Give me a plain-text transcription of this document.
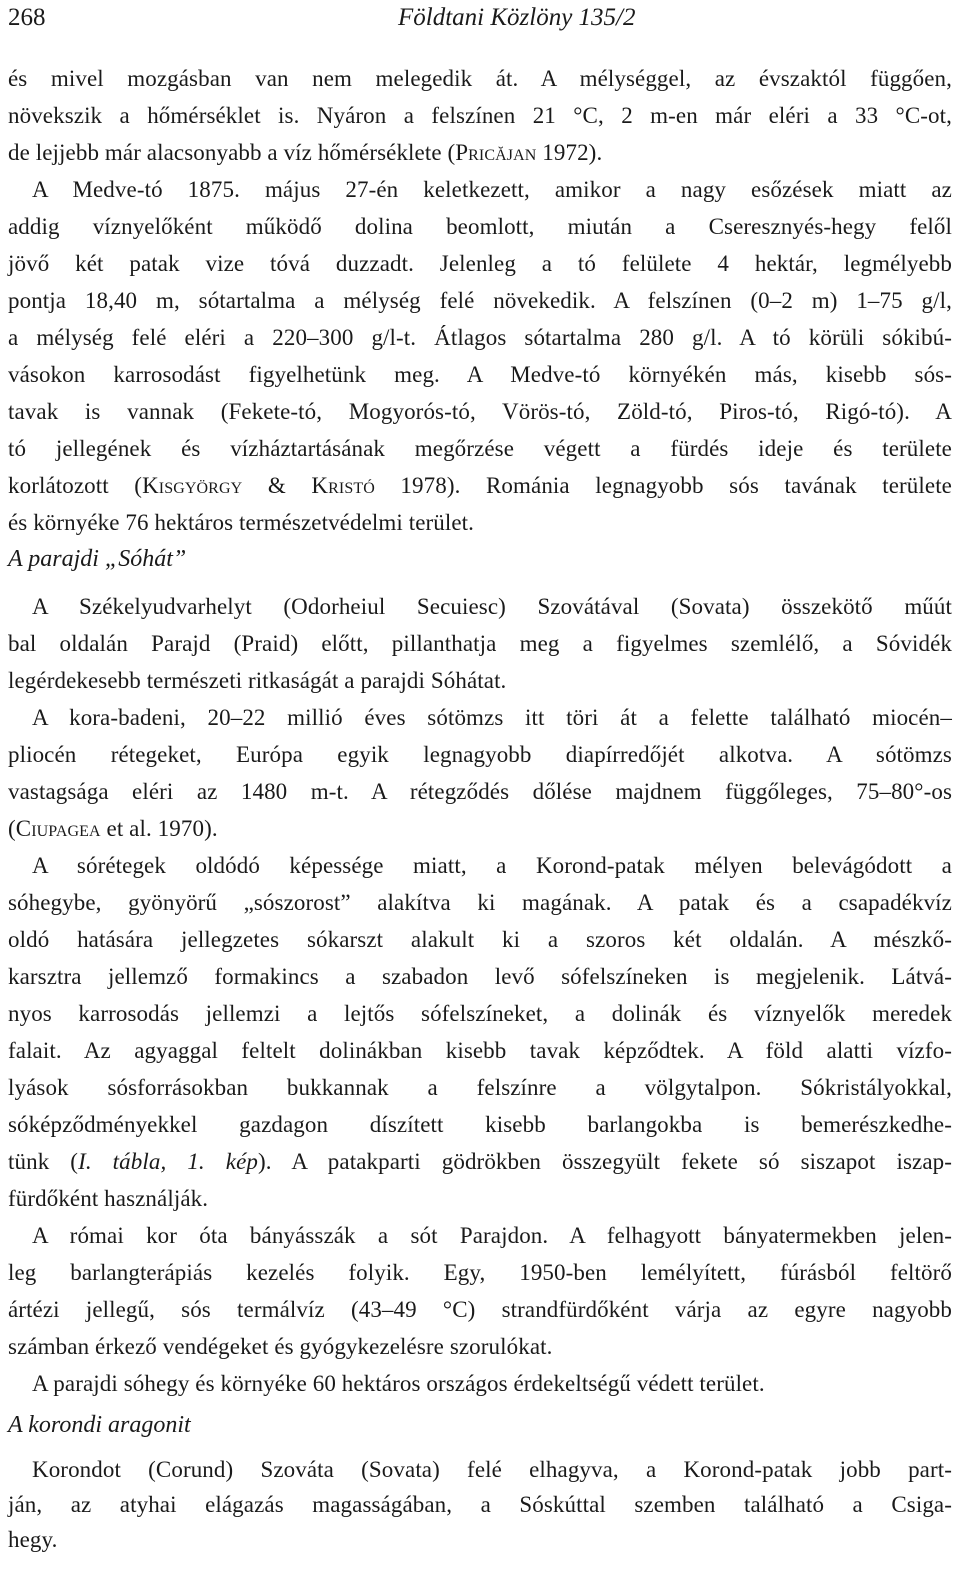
268	Földtani Közlöny 135/2
és mivel mozgásban van nem melegedik át. A mélységgel, az évszaktól függően,
növekszik a hőmérséklet is. Nyáron a felszínen 21 °C, 2 m-en már eléri a 33 °C-ot,
de lejjebb már alacsonyabb a víz hőmérséklete (Pricăjan 1972).
A Medve-tó 1875. május 27-én keletkezett, amikor a nagy esőzések miatt az
addig víznyelőként működő dolina beomlott, miután a Cseresznyés-hegy felől
jövő két patak vize tóvá duzzadt. Jelenleg a tó felülete 4 hektár, legmélyebb
pontja 18,40 m, sótartalma a mélység felé növekedik. A felszínen (0–2 m) 1–75 g/l,
a mélység felé eléri a 220–300 g/l-t. Átlagos sótartalma 280 g/l. A tó körüli sókibú-
vásokon karrosodást figyelhetünk meg. A Medve-tó környékén más, kisebb sós-
tavak is vannak (Fekete-tó, Mogyorós-tó, Vörös-tó, Zöld-tó, Piros-tó, Rigó-tó). A
tó jellegének és vízháztartásának megőrzése végett a fürdés ideje és területe
korlátozott (Kisgyörgy & Kristó 1978). Románia legnagyobb sós tavának területe
és környéke 76 hektáros természetvédelmi terület.
A parajdi „Sóhát”
A Székelyudvarhelyt (Odorheiul Secuiesc) Szovátával (Sovata) összekötő műút
bal oldalán Parajd (Praid) előtt, pillanthatja meg a figyelmes szemlélő, a Sóvidék
legérdekesebb természeti ritkaságát a parajdi Sóhátat.
A kora-badeni, 20–22 millió éves sótömzs itt töri át a felette található miocén–
pliocén rétegeket, Európa egyik legnagyobb diapírredőjét alkotva. A sótömzs
vastagsága eléri az 1480 m-t. A rétegződés dőlése majdnem függőleges, 75–80°-os
(Ciupagea et al. 1970).
A sórétegek oldódó képessége miatt, a Korond-patak mélyen belevágódott a
sóhegybe, gyönyörű „sószorost” alakítva ki magának. A patak és a csapadékvíz
oldó hatására jellegzetes sókarszt alakult ki a szoros két oldalán. A mészkő-
karsztra jellemző formakincs a szabadon levő sófelszíneken is megjelenik. Látvá-
nyos karrosodás jellemzi a lejtős sófelszíneket, a dolinák és víznyelők meredek
falait. Az agyaggal feltelt dolinákban kisebb tavak képződtek. A föld alatti vízfo-
lyások sósforrásokban bukkannak a felszínre a völgytalpon. Sókristályokkal,
sóképződményekkel gazdagon díszített kisebb barlangokba is bemerészkedhe-
tünk (I. tábla, 1. kép). A patakparti gödrökben összegyült fekete só siszapot iszap-
fürdőként használják.
A római kor óta bányásszák a sót Parajdon. A felhagyott bányatermekben jelen-
leg barlangterápiás kezelés folyik. Egy, 1950-ben lemélyített, fúrásból feltörő
ártézi jellegű, sós termálvíz (43–49 °C) strandfürdőként várja az egyre nagyobb
számban érkező vendégeket és gyógykezelésre szorulókat.
A parajdi sóhegy és környéke 60 hektáros országos érdekeltségű védett terület.
A korondi aragonit
Korondot (Corund) Szováta (Sovata) felé elhagyva, a Korond-patak jobb part-
ján, az atyhai elágazás magasságában, a Sóskúttal szemben található a Csiga-
hegy.
